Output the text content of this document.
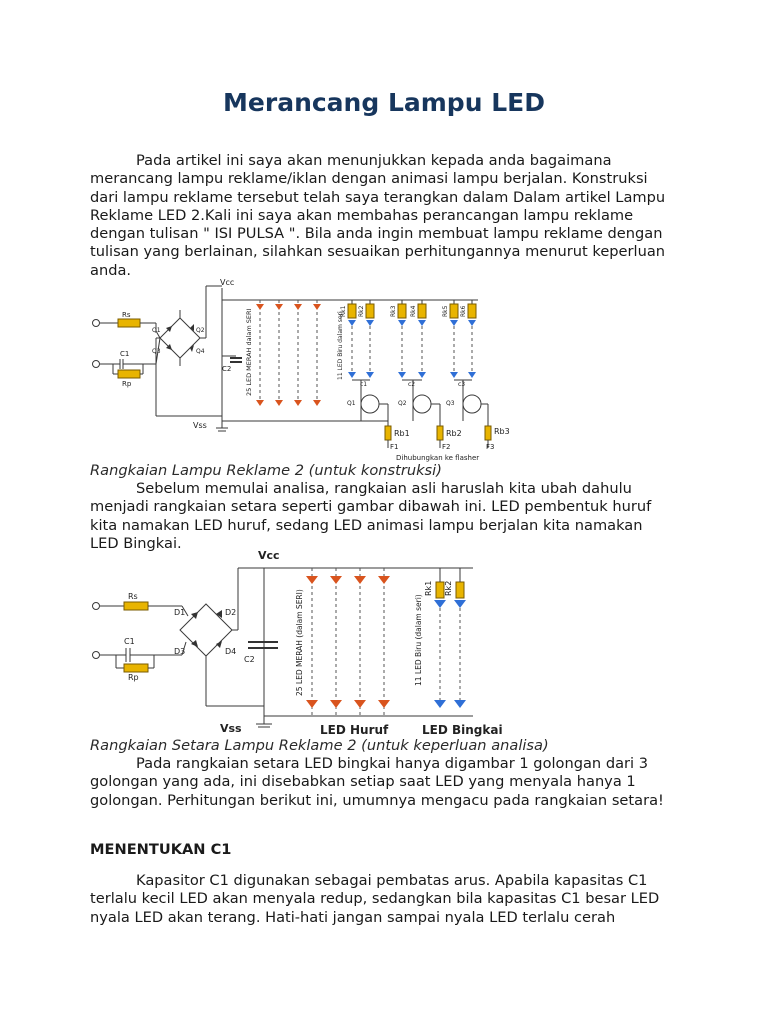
Merancang Lampu LED

Pada artikel ini saya akan menunjukkan kepada anda bagaimana merancang lampu reklame/iklan dengan animasi lampu berjalan. Konstruksi dari lampu reklame tersebut telah saya terangkan dalam Dalam artikel Lampu Reklame LED 2.Kali ini saya akan membahas perancangan lampu reklame dengan tulisan " ISI PULSA ". Bila anda ingin membuat lampu reklame dengan tulisan yang berlainan, silahkan sesuaikan perhitungannya menurut keperluan anda.

Rs
C1
Rp
Q1	Q2
Q3	Q4
Vcc
Vss
C2 25 LED MERAH dalam SERI	Rk1 Rk2	Rk3 Rk4	Rk5 Rk6
11 LED Biru dalam seri
c1	c2	c3
Q1	Q2	Q3
Rb1	Rb2	Rb3
F1	F2	F3
Dihubungkan ke flasher

Rangkaian Lampu Reklame 2 (untuk konstruksi)

Sebelum memulai analisa, rangkaian asli haruslah kita ubah dahulu menjadi rangkaian setara seperti gambar dibawah ini. LED pembentuk huruf kita namakan LED huruf, sedang LED animasi lampu berjalan kita namakan LED Bingkai.

Rs
C1
Rp
D1	D2
D3	D4
Vcc
Vss
C2	25 LED MERAH (dalam SERI)
Rk1 Rk2
11 LED Biru (dalam seri)
LED Huruf	LED Bingkai

Rangkaian Setara Lampu Reklame 2 (untuk keperluan analisa)

Pada rangkaian setara LED bingkai hanya digambar 1 golongan dari 3 golongan yang ada, ini disebabkan setiap saat LED yang menyala hanya 1 golongan. Perhitungan berikut ini, umumnya mengacu pada rangkaian setara!

MENENTUKAN C1

Kapasitor C1 digunakan sebagai pembatas arus. Apabila kapasitas C1 terlalu kecil LED akan menyala redup, sedangkan bila kapasitas C1 besar LED nyala LED akan terang. Hati-hati jangan sampai nyala LED terlalu cerah
